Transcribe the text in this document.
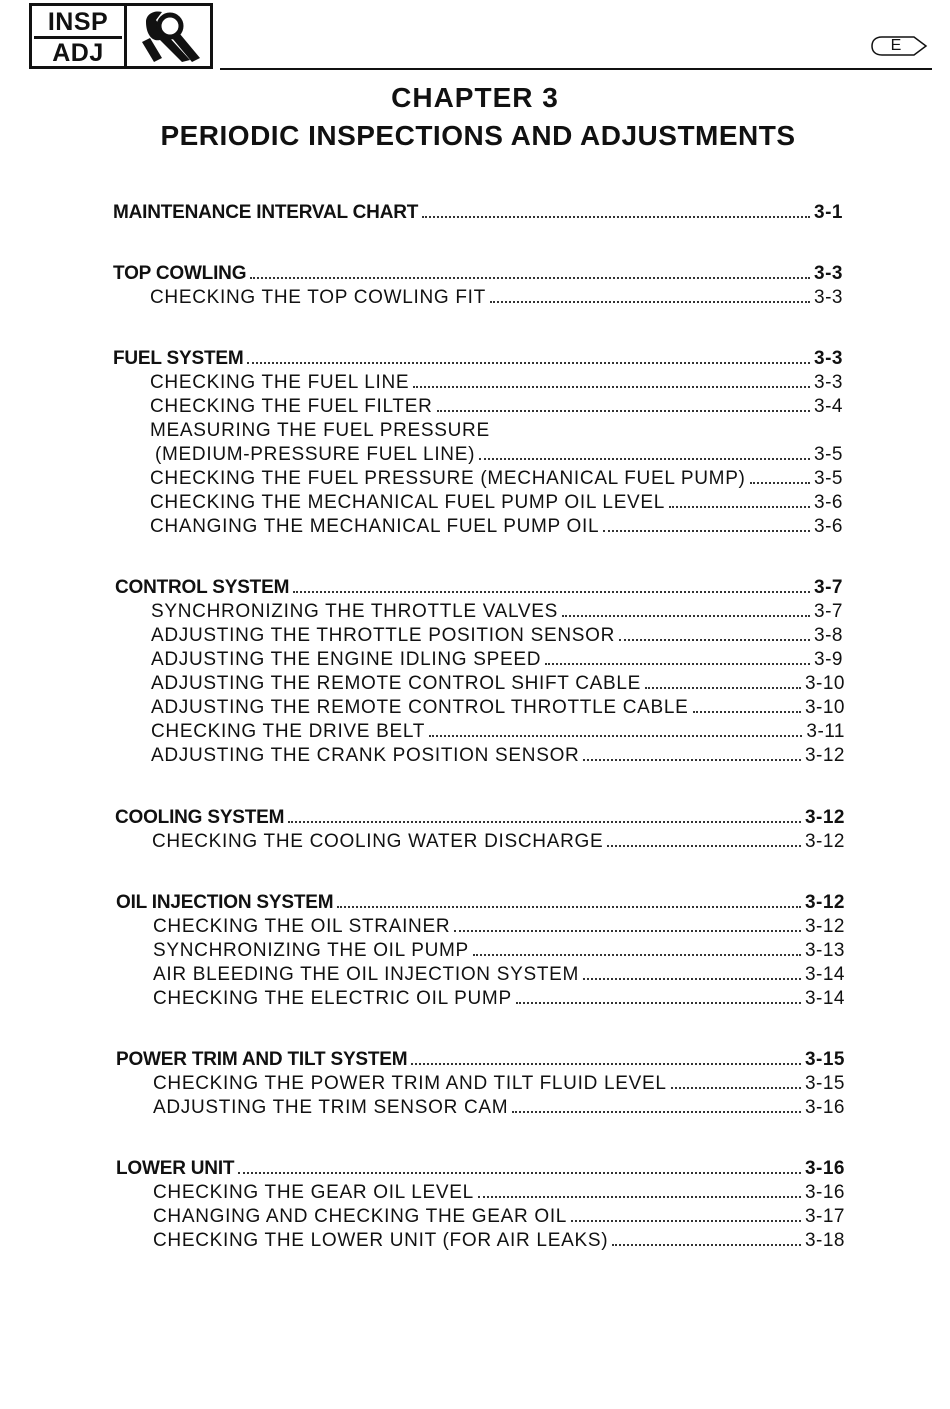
INSP
ADJ	E
CHAPTER 3
PERIODIC INSPECTIONS AND ADJUSTMENTS
MAINTENANCE INTERVAL CHART	3-1
TOP COWLING	3-3
CHECKING THE TOP COWLING FIT	3-3
FUEL SYSTEM	3-3
CHECKING THE FUEL LINE	3-3
CHECKING THE FUEL FILTER	3-4
MEASURING THE FUEL PRESSURE
(MEDIUM-PRESSURE FUEL LINE)	3-5
CHECKING THE FUEL PRESSURE (MECHANICAL FUEL PUMP)	3-5
CHECKING THE MECHANICAL FUEL PUMP OIL LEVEL	3-6
CHANGING THE MECHANICAL FUEL PUMP OIL	3-6
CONTROL SYSTEM	3-7
SYNCHRONIZING THE THROTTLE VALVES	3-7
ADJUSTING THE THROTTLE POSITION SENSOR	3-8
ADJUSTING THE ENGINE IDLING SPEED	3-9
ADJUSTING THE REMOTE CONTROL SHIFT CABLE	3-10
ADJUSTING THE REMOTE CONTROL THROTTLE CABLE	3-10
CHECKING THE DRIVE BELT	3-11
ADJUSTING THE CRANK POSITION SENSOR	3-12
COOLING SYSTEM	3-12
CHECKING THE COOLING WATER DISCHARGE	3-12
OIL INJECTION SYSTEM	3-12
CHECKING THE OIL STRAINER	3-12
SYNCHRONIZING THE OIL PUMP	3-13
AIR BLEEDING THE OIL INJECTION SYSTEM	3-14
CHECKING THE ELECTRIC OIL PUMP	3-14
POWER TRIM AND TILT SYSTEM	3-15
CHECKING THE POWER TRIM AND TILT FLUID LEVEL	3-15
ADJUSTING THE TRIM SENSOR CAM	3-16
LOWER UNIT	3-16
CHECKING THE GEAR OIL LEVEL	3-16
CHANGING AND CHECKING THE GEAR OIL	3-17
CHECKING THE LOWER UNIT (FOR AIR LEAKS)	3-18
